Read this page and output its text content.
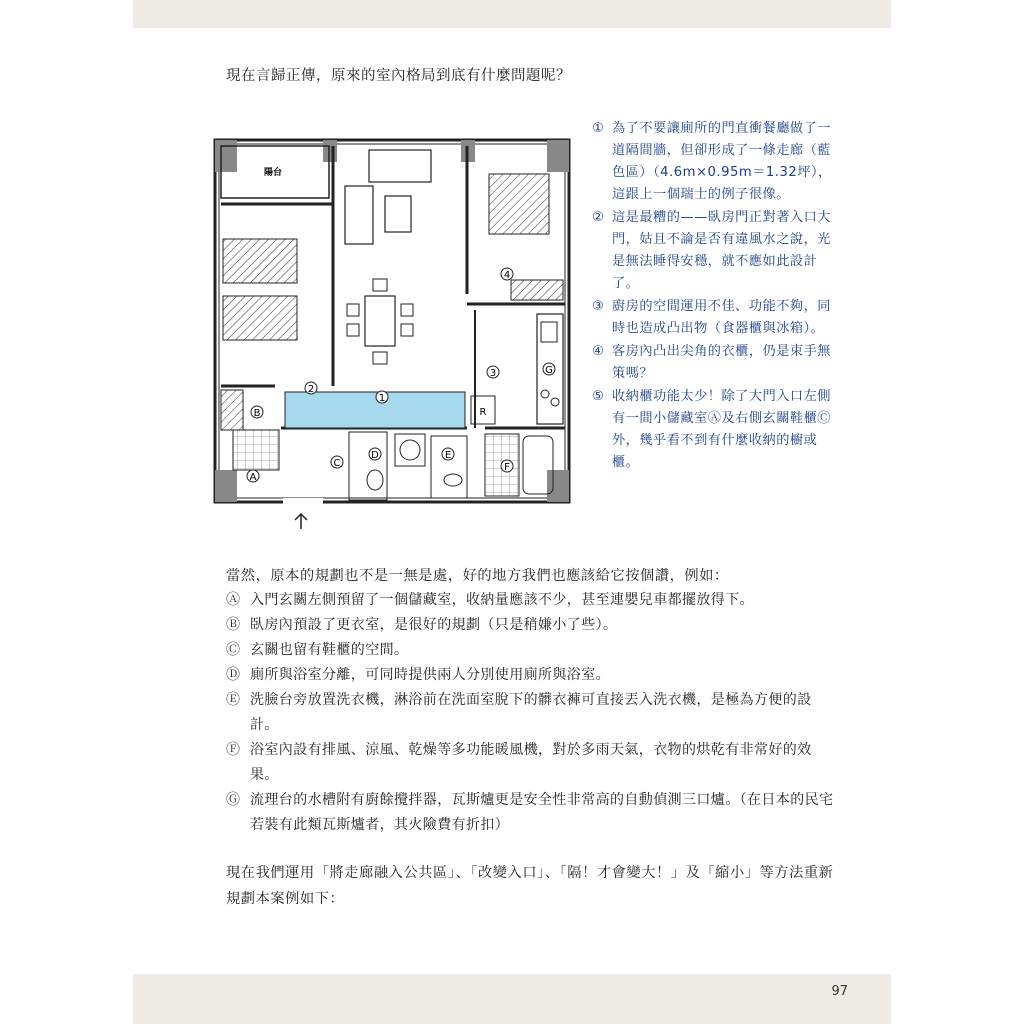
現在言歸正傳，原來的室內格局到底有什麼問題呢？
陽台
R
1
2
3
4
B
A
C
D	E
F
G
① 為了不要讓廁所的門直衝餐廳做了一道隔間牆，但卻形成了一條走廊（藍色區）（4.6m×0.95m＝1.32坪），這跟上一個瑞士的例子很像。
② 這是最糟的——臥房門正對著入口大門，姑且不論是否有違風水之說，光是無法睡得安穩，就不應如此設計了。
③ 廚房的空間運用不佳、功能不夠，同時也造成凸出物（食器櫃與冰箱）。
④ 客房內凸出尖角的衣櫃，仍是束手無策嗎？
⑤ 收納櫃功能太少！除了大門入口左側有一間小儲藏室Ⓐ及右側玄關鞋櫃Ⓒ外，幾乎看不到有什麼收納的櫥或櫃。
當然，原本的規劃也不是一無是處，好的地方我們也應該給它按個讚，例如：
Ⓐ 入門玄關左側預留了一個儲藏室，收納量應該不少，甚至連嬰兒車都擺放得下。
Ⓑ 臥房內預設了更衣室，是很好的規劃（只是稍嫌小了些）。
Ⓒ 玄關也留有鞋櫃的空間。
Ⓓ 廁所與浴室分離，可同時提供兩人分別使用廁所與浴室。
Ⓔ 洗臉台旁放置洗衣機，淋浴前在洗面室脫下的髒衣褲可直接丟入洗衣機，是極為方便的設計。
Ⓕ 浴室內設有排風、涼風、乾燥等多功能暖風機，對於多雨天氣，衣物的烘乾有非常好的效果。
Ⓖ 流理台的水槽附有廚餘攪拌器，瓦斯爐更是安全性非常高的自動偵測三口爐。（在日本的民宅若裝有此類瓦斯爐者，其火險費有折扣）
現在我們運用「將走廊融入公共區」、「改變入口」、「隔！才會變大！」及「縮小」等方法重新規劃本案例如下：
97
